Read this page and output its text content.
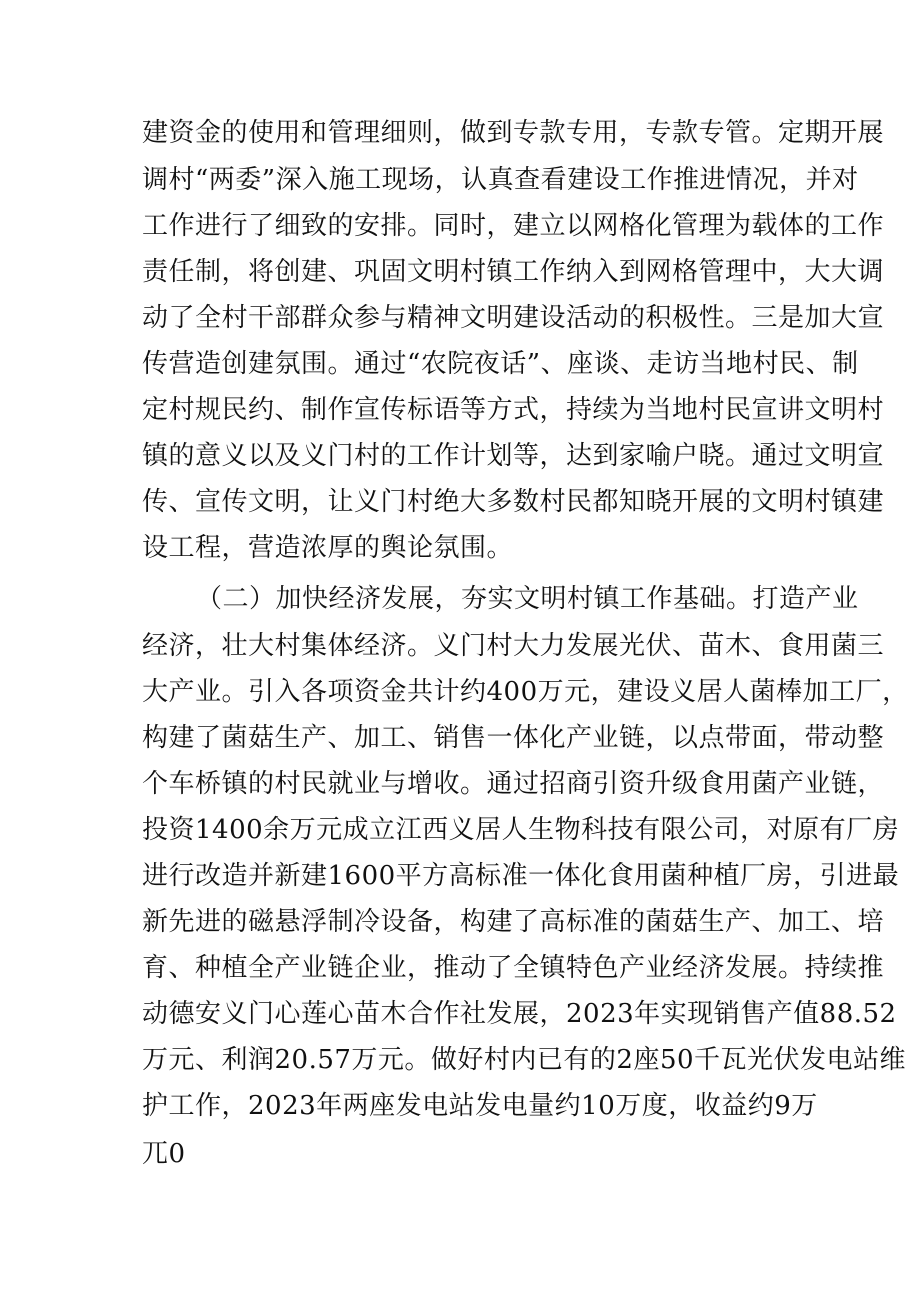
建资金的使用和管理细则，做到专款专用，专款专管。定期开展
调村“两委”深入施工现场，认真查看建设工作推进情况，并对
工作进行了细致的安排。同时，建立以网格化管理为载体的工作
责任制，将创建、巩固文明村镇工作纳入到网格管理中，大大调
动了全村干部群众参与精神文明建设活动的积极性。三是加大宣
传营造创建氛围。通过“农院夜话”、座谈、走访当地村民、制
定村规民约、制作宣传标语等方式，持续为当地村民宣讲文明村
镇的意义以及义门村的工作计划等，达到家喻户晓。通过文明宣
传、宣传文明，让义门村绝大多数村民都知晓开展的文明村镇建
设工程，营造浓厚的舆论氛围。
（二）加快经济发展，夯实文明村镇工作基础。打造产业
经济，壮大村集体经济。义门村大力发展光伏、苗木、食用菌三
大产业。引入各项资金共计约400万元，建设义居人菌棒加工厂，
构建了菌菇生产、加工、销售一体化产业链，以点带面，带动整
个车桥镇的村民就业与增收。通过招商引资升级食用菌产业链，
投资1400余万元成立江西义居人生物科技有限公司，对原有厂房
进行改造并新建1600平方高标准一体化食用菌种植厂房，引进最
新先进的磁悬浮制冷设备，构建了高标准的菌菇生产、加工、培
育、种植全产业链企业，推动了全镇特色产业经济发展。持续推
动德安义门心莲心苗木合作社发展，2023年实现销售产值88.52
万元、利润20.57万元。做好村内已有的2座50千瓦光伏发电站维
护工作，2023年两座发电站发电量约10万度，收益约9万
兀0
